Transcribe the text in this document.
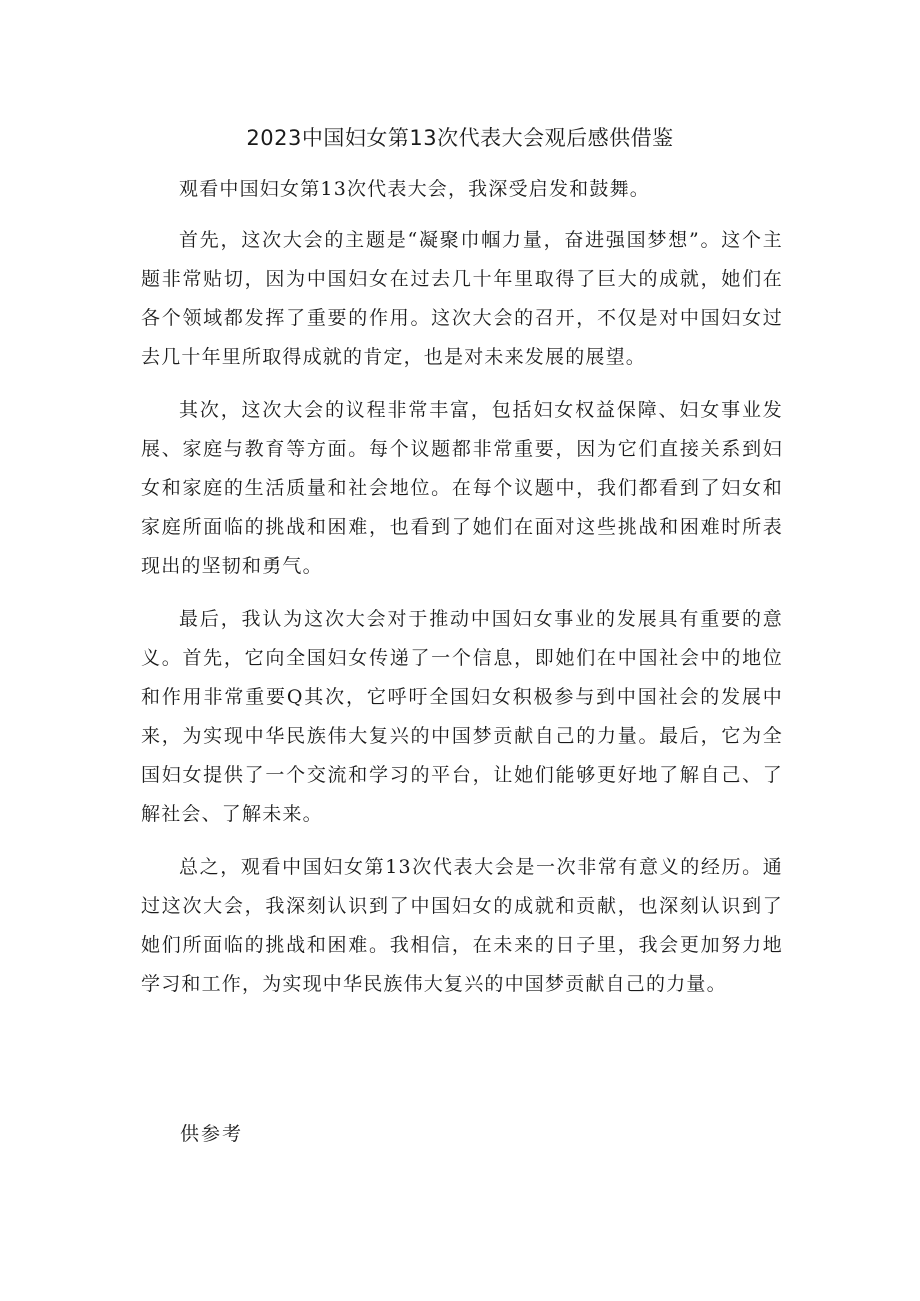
2023中国妇女第13次代表大会观后感供借鉴

观看中国妇女第13次代表大会，我深受启发和鼓舞。

首先，这次大会的主题是“凝聚巾帼力量，奋进强国梦想”。这个主题非常贴切，因为中国妇女在过去几十年里取得了巨大的成就，她们在各个领域都发挥了重要的作用。这次大会的召开，不仅是对中国妇女过去几十年里所取得成就的肯定，也是对未来发展的展望。

其次，这次大会的议程非常丰富，包括妇女权益保障、妇女事业发展、家庭与教育等方面。每个议题都非常重要，因为它们直接关系到妇女和家庭的生活质量和社会地位。在每个议题中，我们都看到了妇女和家庭所面临的挑战和困难，也看到了她们在面对这些挑战和困难时所表现出的坚韧和勇气。

最后，我认为这次大会对于推动中国妇女事业的发展具有重要的意义。首先，它向全国妇女传递了一个信息，即她们在中国社会中的地位和作用非常重要Q其次，它呼吁全国妇女积极参与到中国社会的发展中来，为实现中华民族伟大复兴的中国梦贡献自己的力量。最后，它为全国妇女提供了一个交流和学习的平台，让她们能够更好地了解自己、了解社会、了解未来。

总之，观看中国妇女第13次代表大会是一次非常有意义的经历。通过这次大会，我深刻认识到了中国妇女的成就和贡献，也深刻认识到了她们所面临的挑战和困难。我相信，在未来的日子里，我会更加努力地学习和工作，为实现中华民族伟大复兴的中国梦贡献自己的力量。

供参考
